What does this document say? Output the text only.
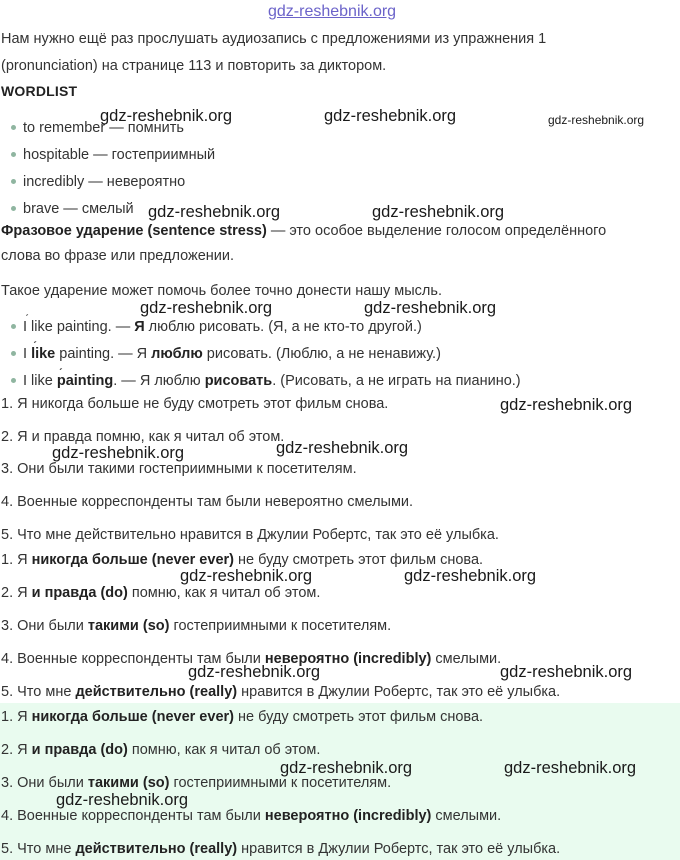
gdz-reshebnik.org
Нам нужно ещё раз прослушать аудиозапись с предложениями из упражнения 1
(pronunciation) на странице 113 и повторить за диктором.
WORDLIST
to remember — помнить
hospitable — гостеприимный
incredibly — невероятно
brave — смелый
Фразовое ударение (sentence stress) — это особое выделение голосом определённого
слова во фразе или предложении.
Такое ударение может помочь более точно донести нашу мысль.
ˊ I like painting. — Я люблю рисовать. (Я, а не кто-то другой.)
I ˊ like painting. — Я люблю рисовать. (Люблю, а не ненавижу.)
I like ˊ painting. — Я люблю рисовать. (Рисовать, а не играть на пианино.)
1. Я никогда больше не буду смотреть этот фильм снова.
2. Я и правда помню, как я читал об этом.
3. Они были такими гостеприимными к посетителям.
4. Военные корреспонденты там были невероятно смелыми.
5. Что мне действительно нравится в Джулии Робертс, так это её улыбка.
1. Я никогда больше (never ever) не буду смотреть этот фильм снова.
2. Я и правда (do) помню, как я читал об этом.
3. Они были такими (so) гостеприимными к посетителям.
4. Военные корреспонденты там были невероятно (incredibly) смелыми.
5. Что мне действительно (really) нравится в Джулии Робертс, так это её улыбка.
1. Я никогда больше (never ever) не буду смотреть этот фильм снова.
2. Я и правда (do) помню, как я читал об этом.
3. Они были такими (so) гостеприимными к посетителям.
4. Военные корреспонденты там были невероятно (incredibly) смелыми.
5. Что мне действительно (really) нравится в Джулии Робертс, так это её улыбка.
gdz-reshebnik.org	gdz-reshebnik.org	gdz-reshebnik.org
gdz-reshebnik.org	gdz-reshebnik.org
gdz-reshebnik.org	gdz-reshebnik.org
gdz-reshebnik.org
gdz-reshebnik.org	gdz-reshebnik.org
gdz-reshebnik.org	gdz-reshebnik.org
gdz-reshebnik.org	gdz-reshebnik.org
gdz-reshebnik.org	gdz-reshebnik.org
gdz-reshebnik.org
